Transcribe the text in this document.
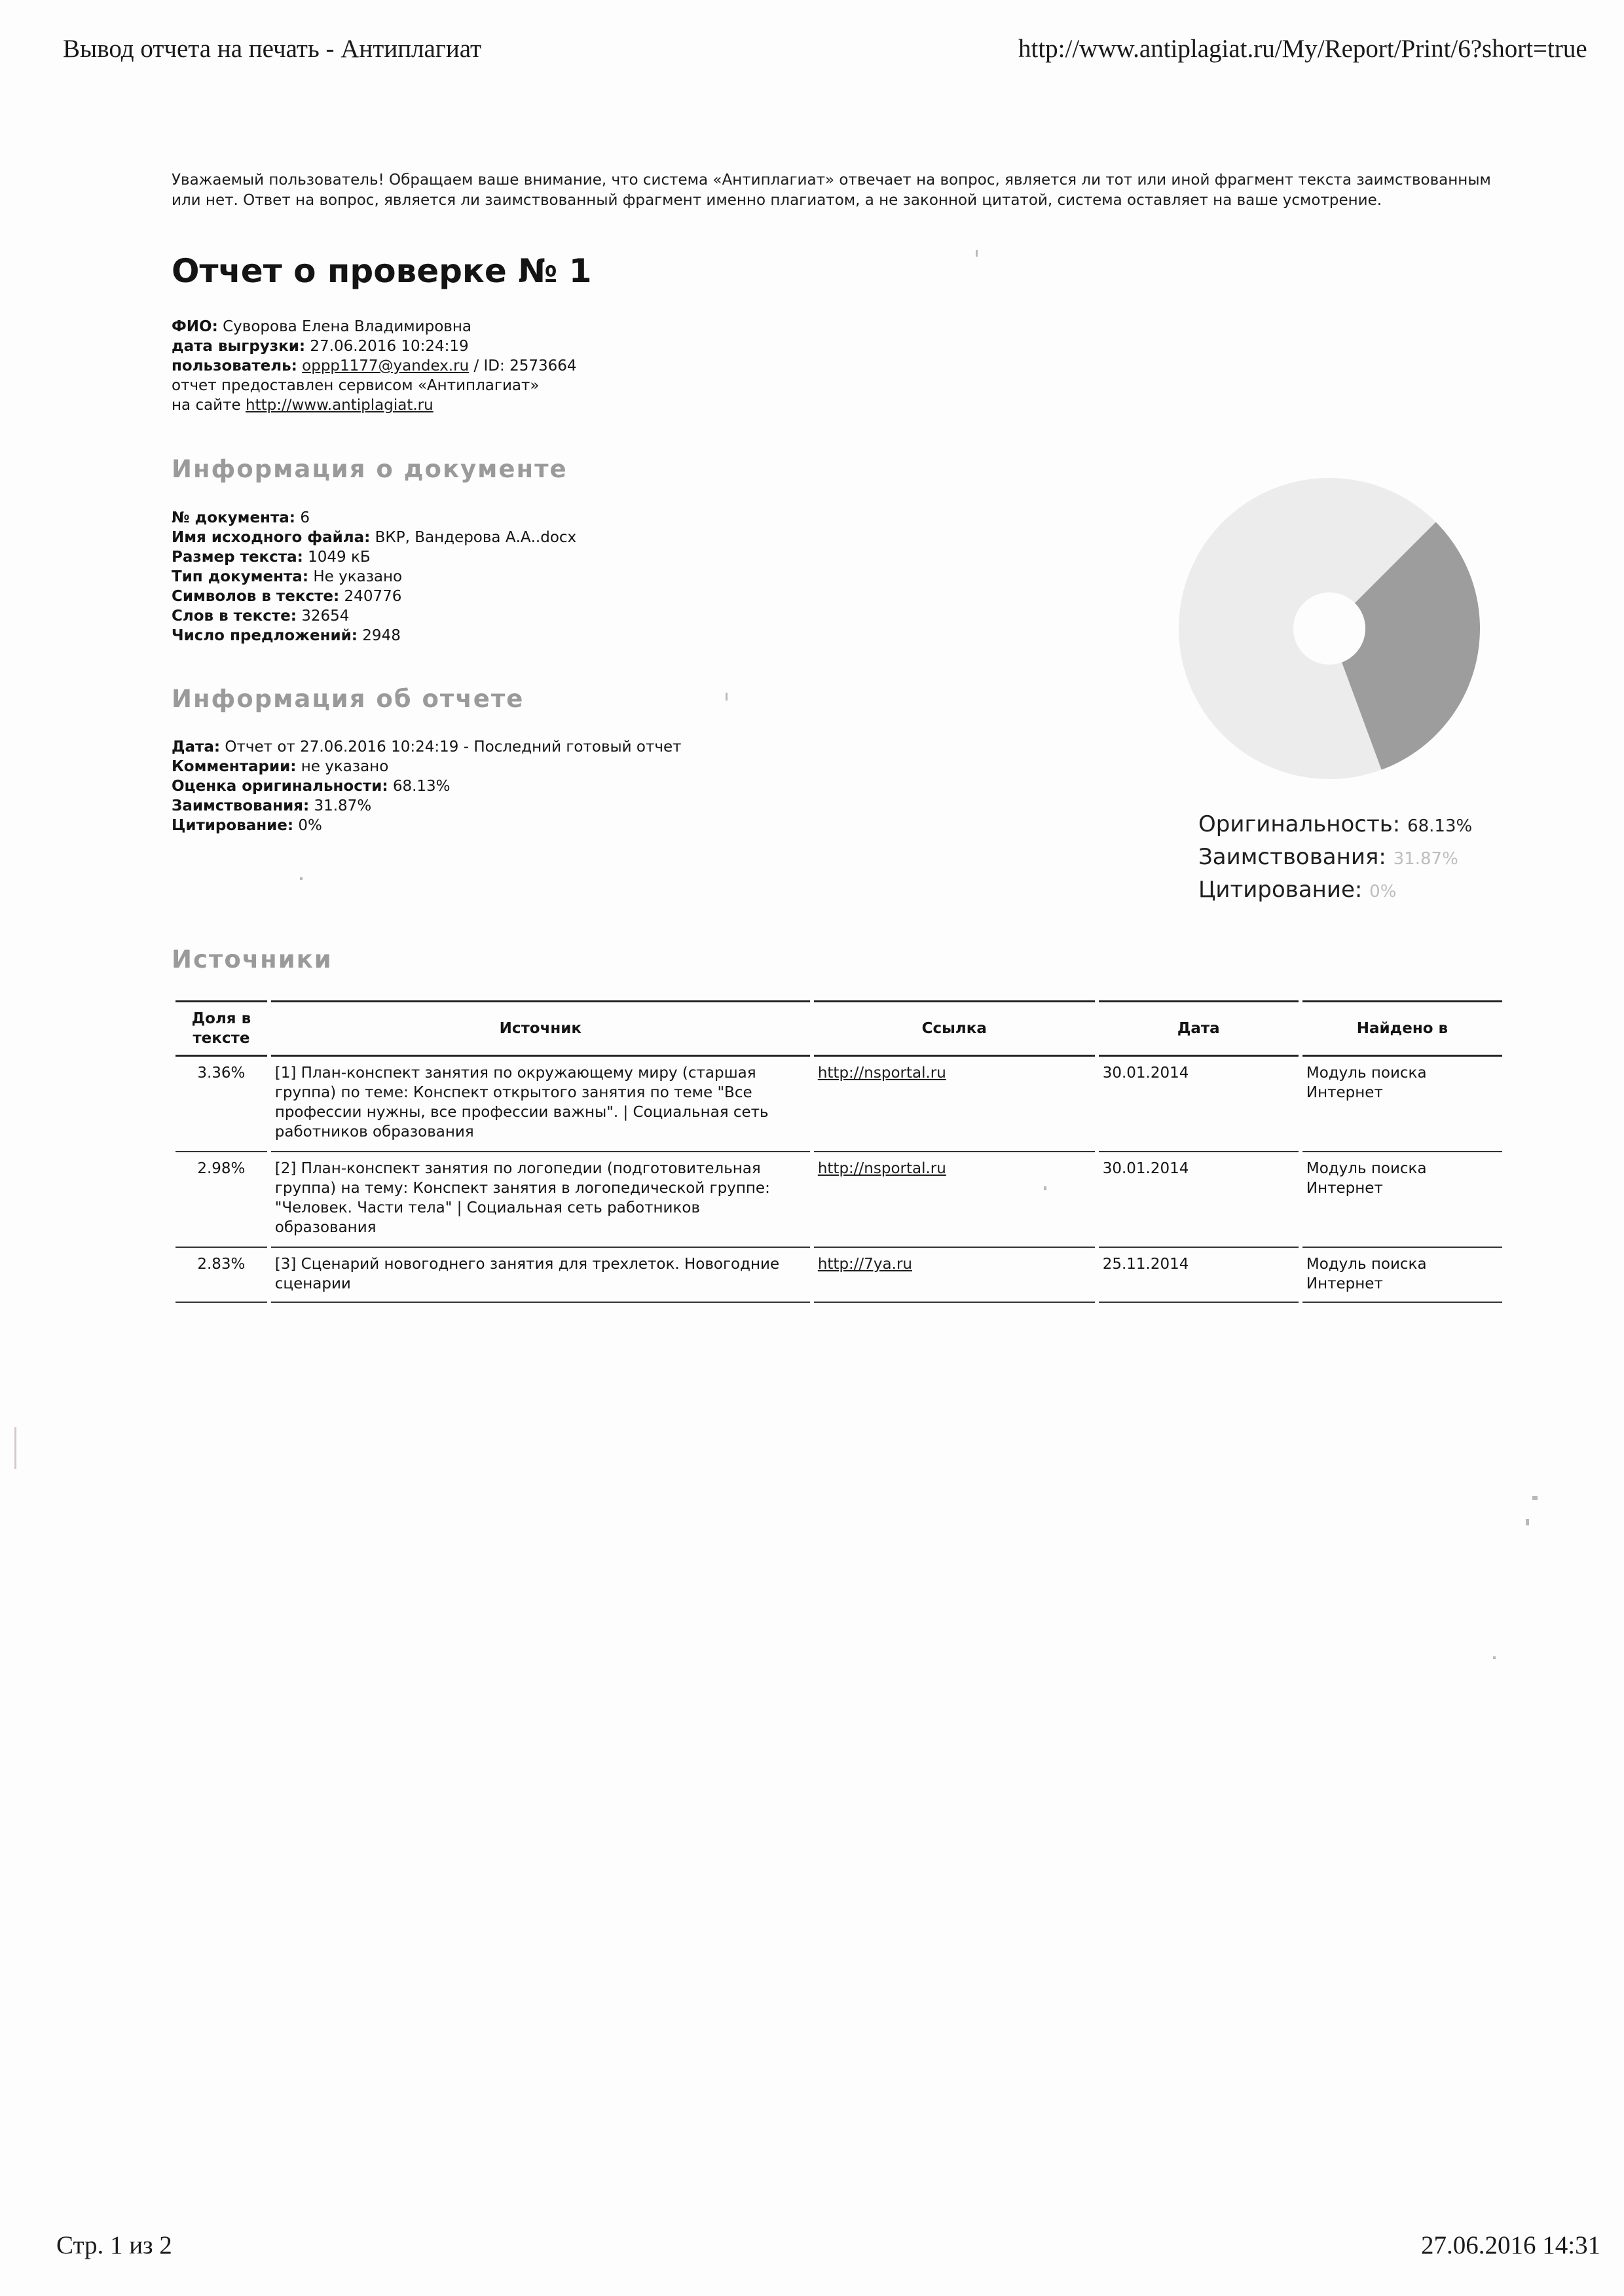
Вывод отчета на печать - Антиплагиат	http://www.antiplagiat.ru/My/Report/Print/6?short=true
Уважаемый пользователь! Обращаем ваше внимание, что система «Антиплагиат» отвечает на вопрос, является ли тот или иной фрагмент текста заимствованным или нет. Ответ на вопрос, является ли заимствованный фрагмент именно плагиатом, а не законной цитатой, система оставляет на ваше усмотрение.
Отчет о проверке № 1
ФИО: Суворова Елена Владимировна
дата выгрузки: 27.06.2016 10:24:19
пользователь: oppp1177@yandex.ru / ID: 2573664
отчет предоставлен сервисом «Антиплагиат»
на сайте http://www.antiplagiat.ru
Информация о документе
№ документа: 6
Имя исходного файла: ВКР, Вандерова А.А..docx
Размер текста: 1049 кБ
Тип документа: Не указано
Символов в тексте: 240776
Слов в тексте: 32654
Число предложений: 2948
Информация об отчете
Дата: Отчет от 27.06.2016 10:24:19 - Последний готовый отчет
Комментарии: не указано
Оценка оригинальности: 68.13%
Заимствования: 31.87%
Цитирование: 0%	Оригинальность: 68.13%
Заимствования: 31.87%
Цитирование: 0%
Источники
Доля в тексте	Источник	Ссылка	Дата	Найдено в
3.36%	[1] План-конспект занятия по окружающему миру (старшая группа) по теме: Конспект открытого занятия по теме "Все профессии нужны, все профессии важны". | Социальная сеть работников образования	http://nsportal.ru	30.01.2014	Модуль поиска Интернет
2.98%	[2] План-конспект занятия по логопедии (подготовительная группа) на тему: Конспект занятия в логопедической группе: "Человек. Части тела" | Социальная сеть работников образования	http://nsportal.ru	30.01.2014	Модуль поиска Интернет
2.83%	[3] Сценарий новогоднего занятия для трехлеток. Новогодние сценарии	http://7ya.ru	25.11.2014	Модуль поиска Интернет
Стр. 1 из 2	27.06.2016 14:31
